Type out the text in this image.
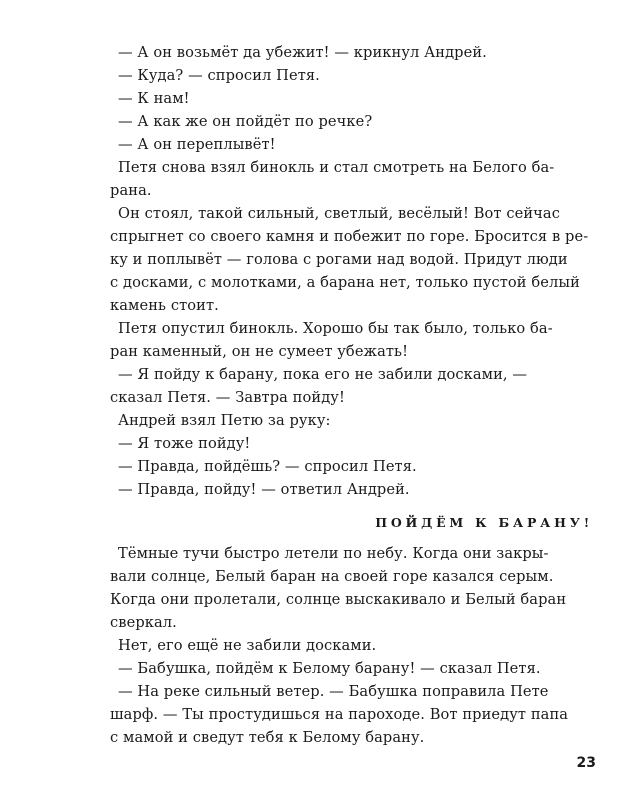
— А он возьмёт да убежит! — крикнул Андрей.
— Куда? — спросил Петя.
— К нам!
— А как же он пойдёт по речке?
— А он переплывёт!
Петя снова взял бинокль и стал смотреть на Белого ба-
рана.
Он стоял, такой сильный, светлый, весёлый! Вот сейчас
спрыгнет со своего камня и побежит по горе. Бросится в ре-
ку и поплывёт — голова с рогами над водой. Придут люди
с досками, с молотками, а барана нет, только пустой белый
камень стоит.
Петя опустил бинокль. Хорошо бы так было, только ба-
ран каменный, он не сумеет убежать!
— Я пойду к барану, пока его не забили досками, —
сказал Петя. — Завтра пойду!
Андрей взял Петю за руку:
— Я тоже пойду!
— Правда, пойдёшь? — спросил Петя.
— Правда, пойду! — ответил Андрей.
ПОЙДЁМ К БАРАНУ!
Тёмные тучи быстро летели по небу. Когда они закры-
вали солнце, Белый баран на своей горе казался серым.
Когда они пролетали, солнце выскакивало и Белый баран
сверкал.
Нет, его ещё не забили досками.
— Бабушка, пойдём к Белому барану! — сказал Петя.
— На реке сильный ветер. — Бабушка поправила Пете
шарф. — Ты простудишься на пароходе. Вот приедут папа
с мамой и сведут тебя к Белому барану.
23
